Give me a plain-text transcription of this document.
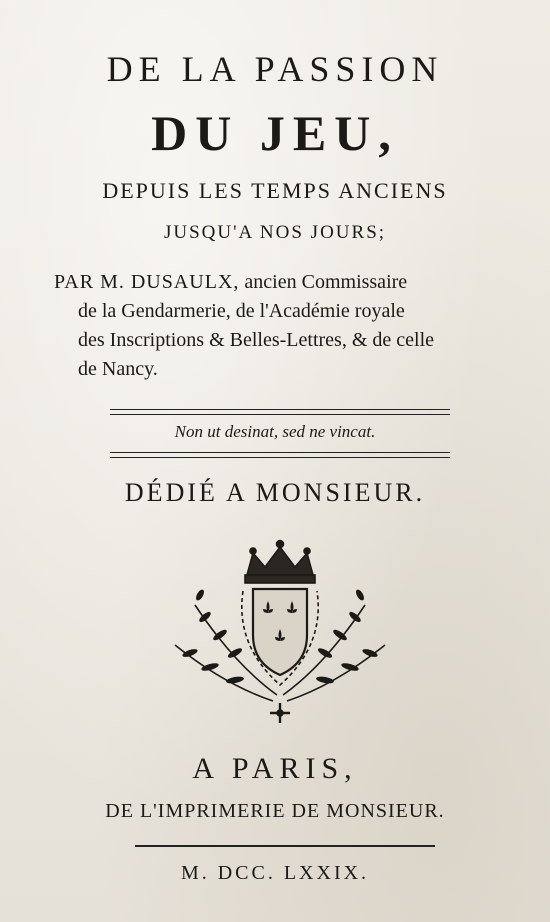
DE LA PASSION
DU JEU,
DEPUIS LES TEMPS ANCIENS
JUSQU'A NOS JOURS;
PAR M. DUSAULX, ancien Commissaire
de la Gendarmerie, de l'Académie royale
des Inscriptions & Belles-Lettres, & de celle
de Nancy.
Non ut desinat, sed ne vincat.
DÉDIÉ A MONSIEUR.
A PARIS,
DE L'IMPRIMERIE DE MONSIEUR.
M. DCC. LXXIX.
